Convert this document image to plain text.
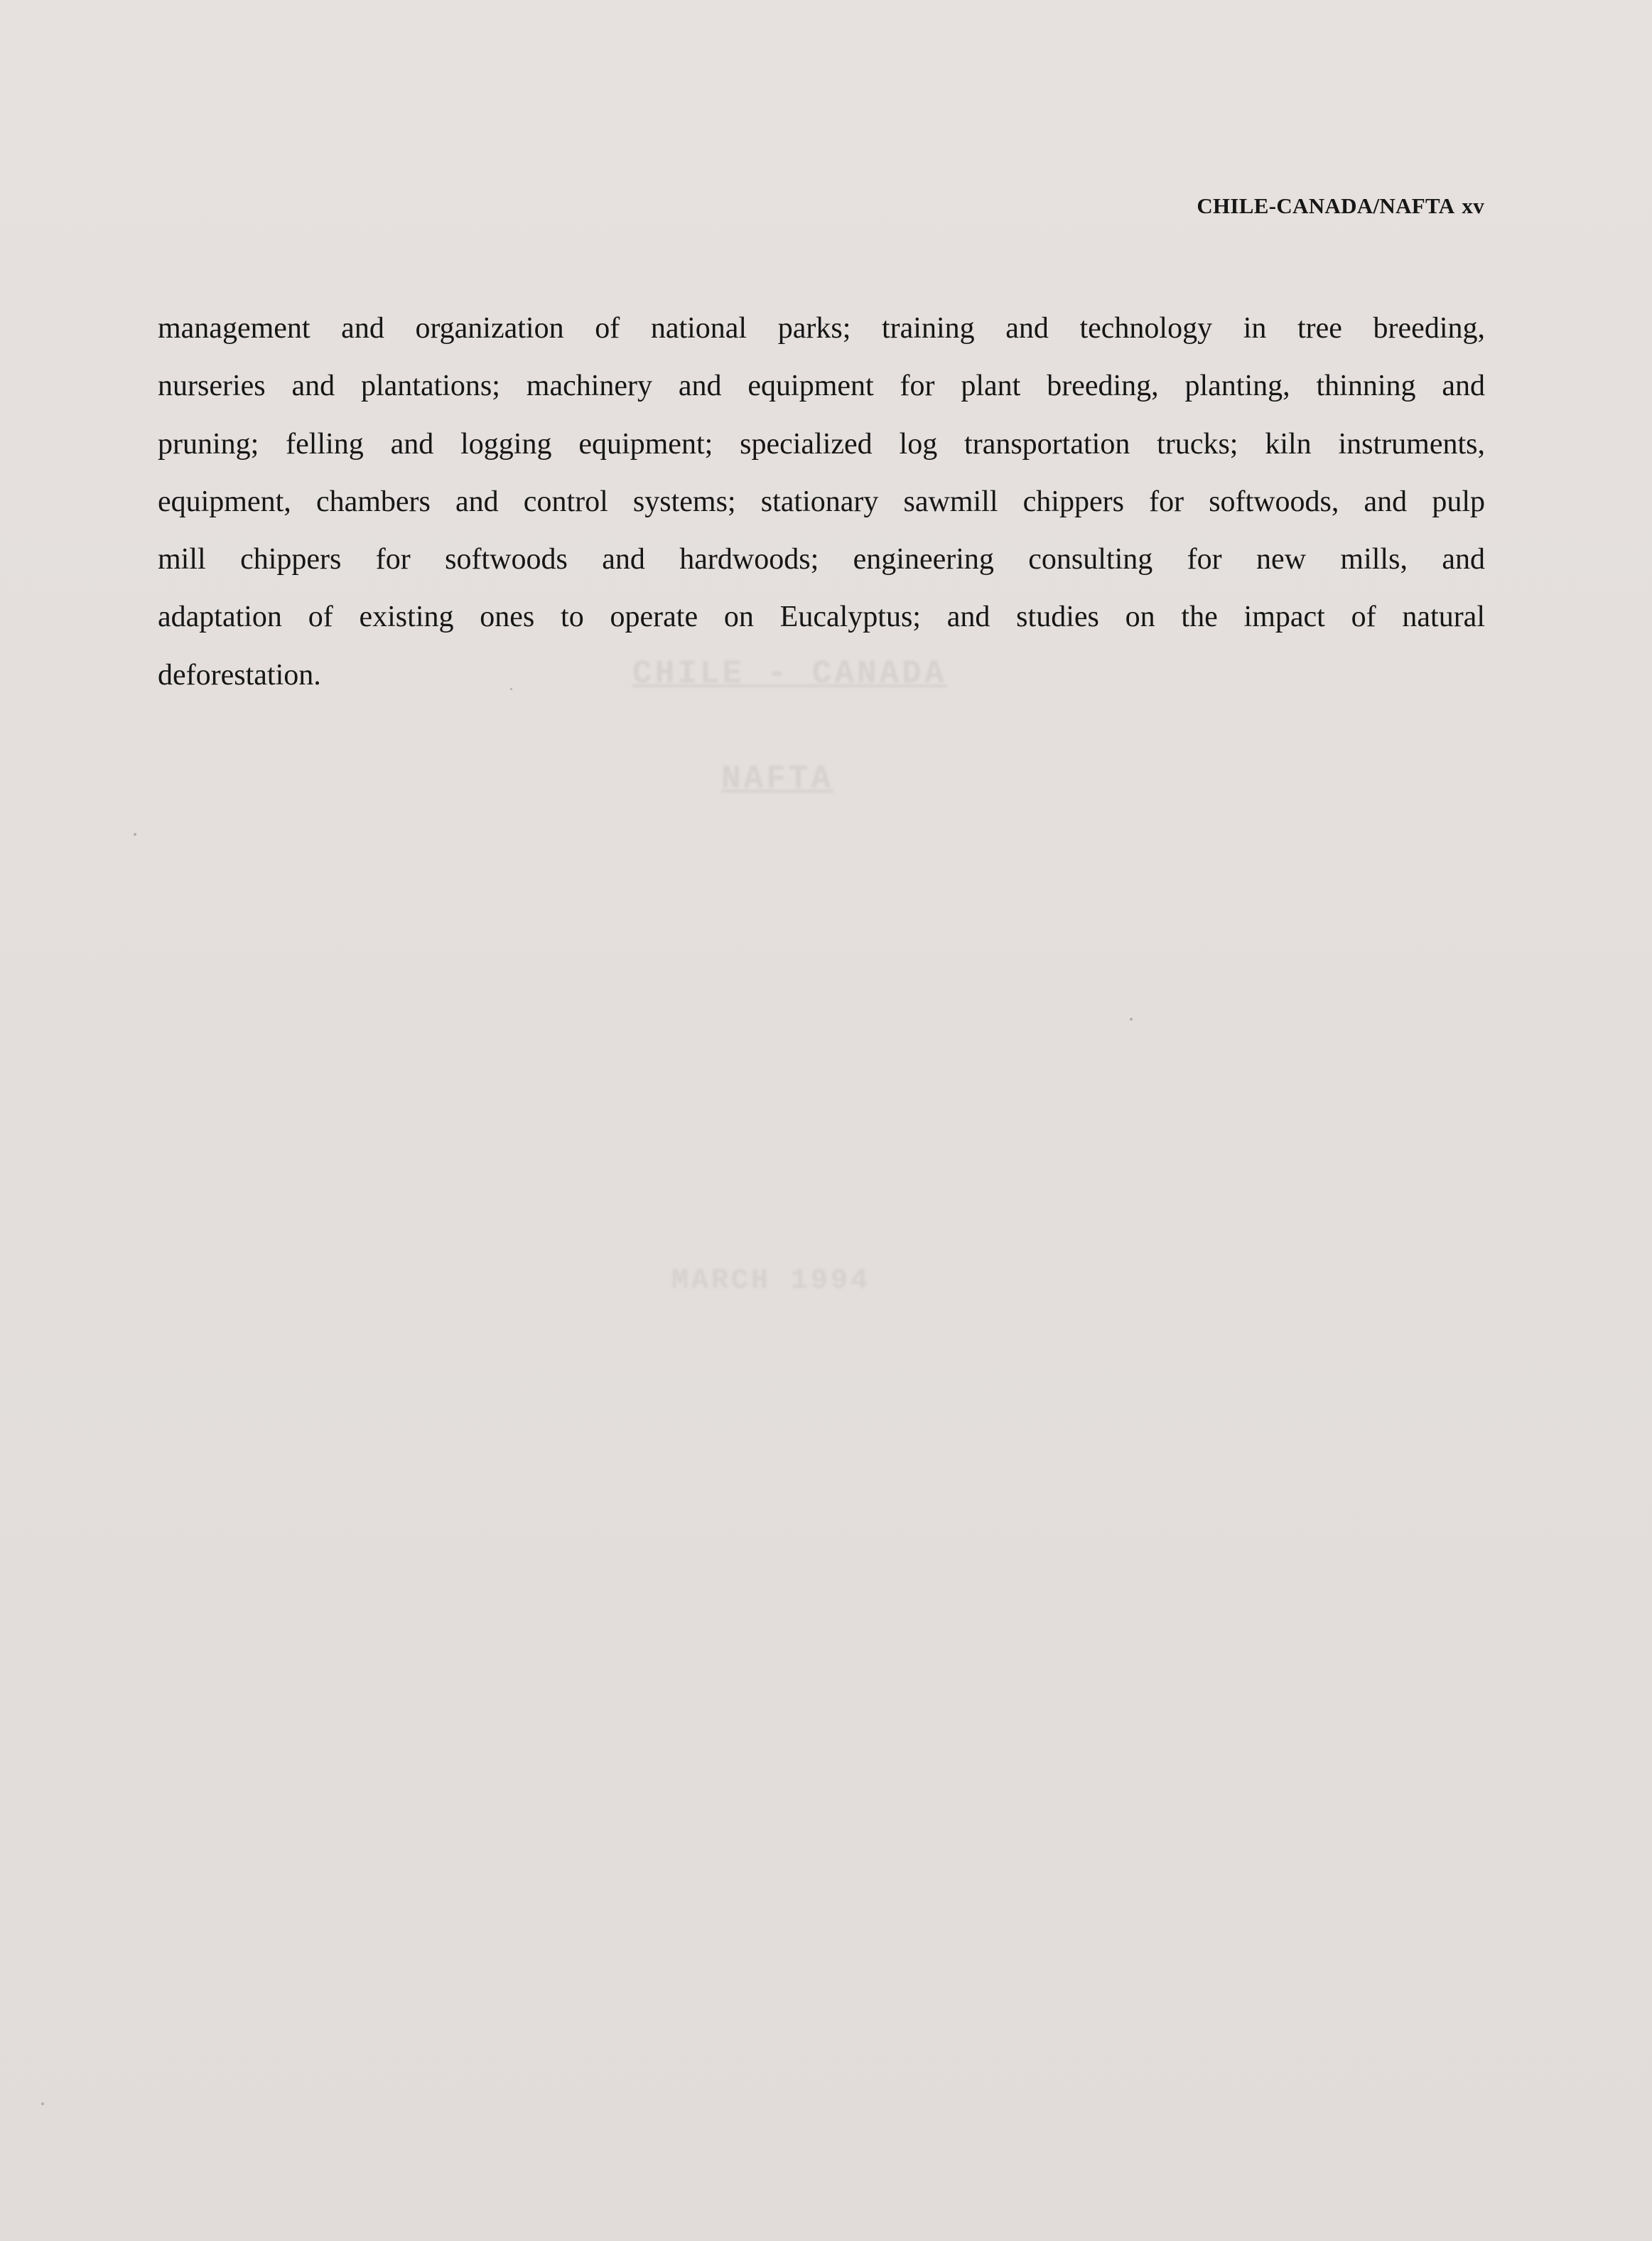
CHILE - CANADA
NAFTA
MARCH 1994
CHILE-CANADA/NAFTA xv
management and organization of national parks; training and technology in tree breeding,
nurseries and plantations; machinery and equipment for plant breeding, planting, thinning and
pruning; felling and logging equipment; specialized log transportation trucks; kiln instruments,
equipment, chambers and control systems; stationary sawmill chippers for softwoods, and pulp
mill chippers for softwoods and hardwoods; engineering consulting for new mills, and
adaptation of existing ones to operate on Eucalyptus; and studies on the impact of natural
deforestation.
